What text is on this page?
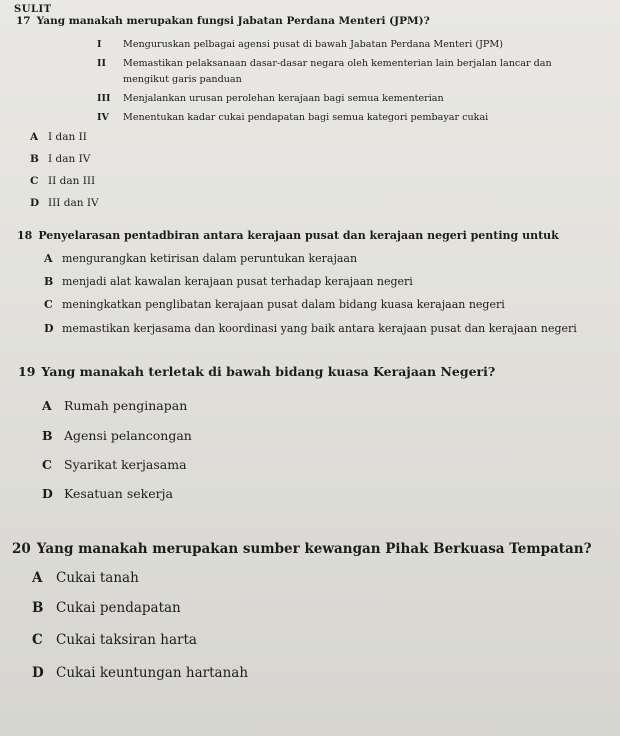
SULIT
17 Yang manakah merupakan fungsi Jabatan Perdana Menteri (JPM)?
I Menguruskan pelbagai agensi pusat di bawah Jabatan Perdana Menteri (JPM)
II Memastikan pelaksanaan dasar-dasar negara oleh kementerian lain berjalan lancar dan
mengikut garis panduan
III Menjalankan urusan perolehan kerajaan bagi semua kementerian
IV Menentukan kadar cukai pendapatan bagi semua kategori pembayar cukai
A I dan II
B I dan IV
C II dan III
D III dan IV
18 Penyelarasan pentadbiran antara kerajaan pusat dan kerajaan negeri penting untuk
A mengurangkan ketirisan dalam peruntukan kerajaan
B menjadi alat kawalan kerajaan pusat terhadap kerajaan negeri
C meningkatkan penglibatan kerajaan pusat dalam bidang kuasa kerajaan negeri
D memastikan kerjasama dan koordinasi yang baik antara kerajaan pusat dan kerajaan negeri
19 Yang manakah terletak di bawah bidang kuasa Kerajaan Negeri?
A Rumah penginapan
B Agensi pelancongan
C Syarikat kerjasama
D Kesatuan sekerja
20 Yang manakah merupakan sumber kewangan Pihak Berkuasa Tempatan?
A Cukai tanah
B Cukai pendapatan
C Cukai taksiran harta
D Cukai keuntungan hartanah
